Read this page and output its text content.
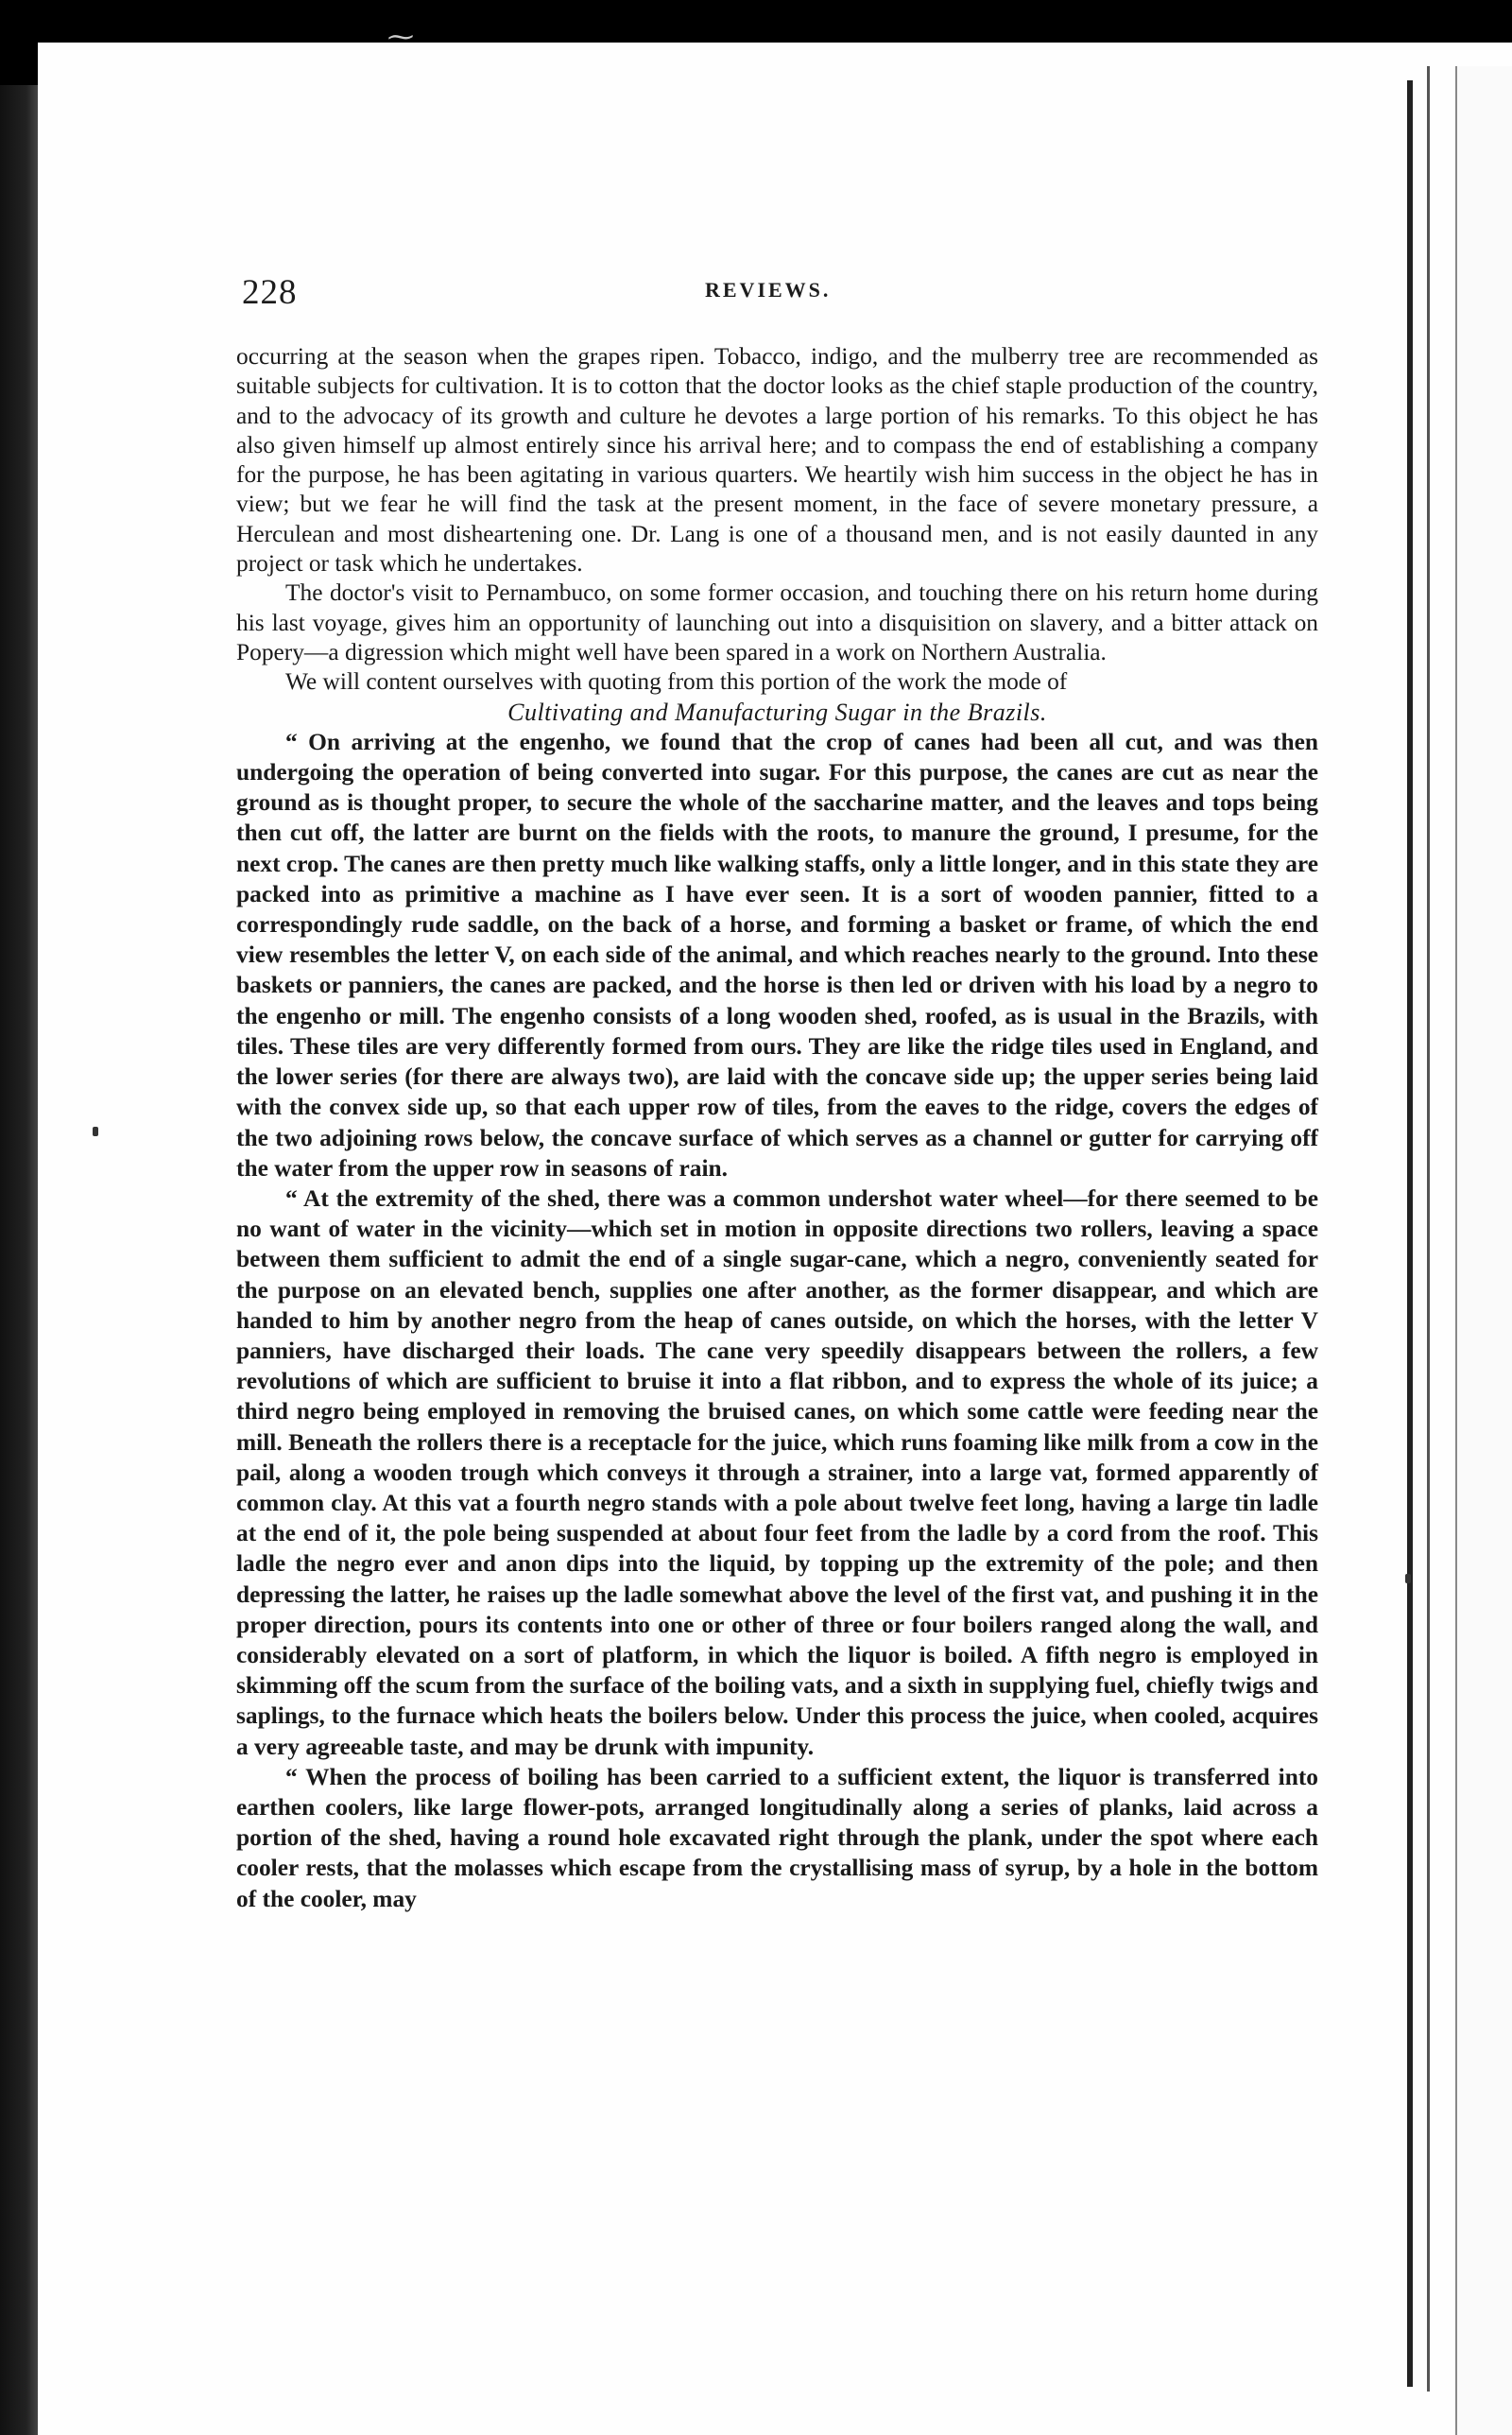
⁓
228	REVIEWS.

occurring at the season when the grapes ripen. Tobacco, indigo, and the mulberry tree are recommended as suitable subjects for cultivation. It is to cotton that the doctor looks as the chief staple production of the country, and to the advocacy of its growth and culture he devotes a large portion of his remarks. To this object he has also given himself up almost entirely since his arrival here; and to compass the end of establishing a company for the purpose, he has been agitating in various quarters. We heartily wish him success in the object he has in view; but we fear he will find the task at the present moment, in the face of severe monetary pressure, a Herculean and most disheartening one. Dr. Lang is one of a thousand men, and is not easily daunted in any project or task which he undertakes.

The doctor's visit to Pernambuco, on some former occasion, and touching there on his return home during his last voyage, gives him an opportunity of launching out into a disquisition on slavery, and a bitter attack on Popery—a digression which might well have been spared in a work on Northern Australia.

We will content ourselves with quoting from this portion of the work the mode of

Cultivating and Manufacturing Sugar in the Brazils.

“ On arriving at the engenho, we found that the crop of canes had been all cut, and was then undergoing the operation of being converted into sugar. For this purpose, the canes are cut as near the ground as is thought proper, to secure the whole of the saccharine matter, and the leaves and tops being then cut off, the latter are burnt on the fields with the roots, to manure the ground, I presume, for the next crop. The canes are then pretty much like walking staffs, only a little longer, and in this state they are packed into as primitive a machine as I have ever seen. It is a sort of wooden pannier, fitted to a correspondingly rude saddle, on the back of a horse, and forming a basket or frame, of which the end view resembles the letter V, on each side of the animal, and which reaches nearly to the ground. Into these baskets or panniers, the canes are packed, and the horse is then led or driven with his load by a negro to the engenho or mill. The engenho consists of a long wooden shed, roofed, as is usual in the Brazils, with tiles. These tiles are very differently formed from ours. They are like the ridge tiles used in England, and the lower series (for there are always two), are laid with the concave side up; the upper series being laid with the convex side up, so that each upper row of tiles, from the eaves to the ridge, covers the edges of the two adjoining rows below, the concave surface of which serves as a channel or gutter for carrying off the water from the upper row in seasons of rain.

“ At the extremity of the shed, there was a common undershot water wheel—for there seemed to be no want of water in the vicinity—which set in motion in opposite directions two rollers, leaving a space between them sufficient to admit the end of a single sugar-cane, which a negro, conveniently seated for the purpose on an elevated bench, supplies one after another, as the former disappear, and which are handed to him by another negro from the heap of canes outside, on which the horses, with the letter V panniers, have discharged their loads. The cane very speedily disappears between the rollers, a few revolutions of which are sufficient to bruise it into a flat ribbon, and to express the whole of its juice; a third negro being employed in removing the bruised canes, on which some cattle were feeding near the mill. Beneath the rollers there is a receptacle for the juice, which runs foaming like milk from a cow in the pail, along a wooden trough which conveys it through a strainer, into a large vat, formed apparently of common clay. At this vat a fourth negro stands with a pole about twelve feet long, having a large tin ladle at the end of it, the pole being suspended at about four feet from the ladle by a cord from the roof. This ladle the negro ever and anon dips into the liquid, by topping up the extremity of the pole; and then depressing the latter, he raises up the ladle somewhat above the level of the first vat, and pushing it in the proper direction, pours its contents into one or other of three or four boilers ranged along the wall, and considerably elevated on a sort of platform, in which the liquor is boiled. A fifth negro is employed in skimming off the scum from the surface of the boiling vats, and a sixth in supplying fuel, chiefly twigs and saplings, to the furnace which heats the boilers below. Under this process the juice, when cooled, acquires a very agreeable taste, and may be drunk with impunity.

“ When the process of boiling has been carried to a sufficient extent, the liquor is transferred into earthen coolers, like large flower-pots, arranged longitudinally along a series of planks, laid across a portion of the shed, having a round hole excavated right through the plank, under the spot where each cooler rests, that the molasses which escape from the crystallising mass of syrup, by a hole in the bottom of the cooler, may
